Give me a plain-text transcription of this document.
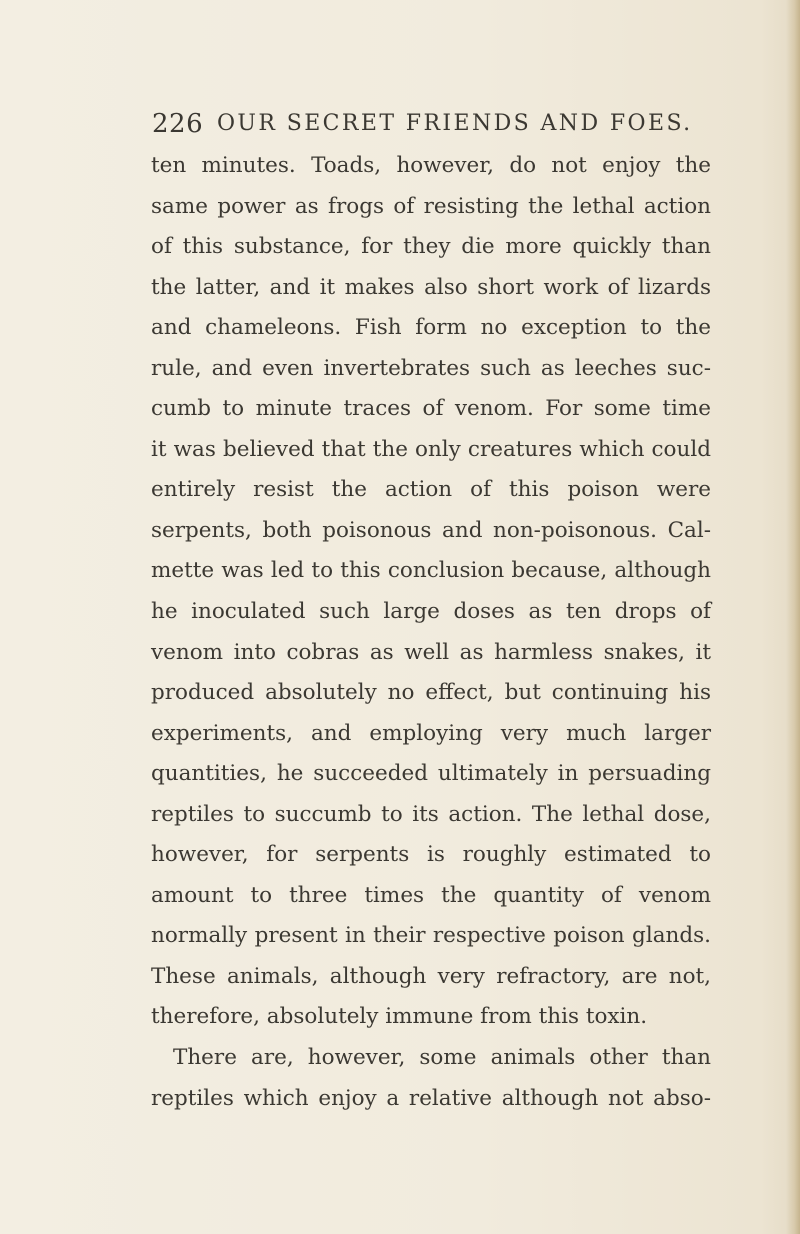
226 OUR SECRET FRIENDS AND FOES.
ten minutes. Toads, however, do not enjoy the
same power as frogs of resisting the lethal action
of this substance, for they die more quickly than
the latter, and it makes also short work of lizards
and chameleons. Fish form no exception to the
rule, and even invertebrates such as leeches suc-
cumb to minute traces of venom. For some time
it was believed that the only creatures which could
entirely resist the action of this poison were
serpents, both poisonous and non-poisonous. Cal-
mette was led to this conclusion because, although
he inoculated such large doses as ten drops of
venom into cobras as well as harmless snakes, it
produced absolutely no effect, but continuing his
experiments, and employing very much larger
quantities, he succeeded ultimately in persuading
reptiles to succumb to its action. The lethal dose,
however, for serpents is roughly estimated to
amount to three times the quantity of venom
normally present in their respective poison glands.
These animals, although very refractory, are not,
therefore, absolutely immune from this toxin.
There are, however, some animals other than
reptiles which enjoy a relative although not abso-
